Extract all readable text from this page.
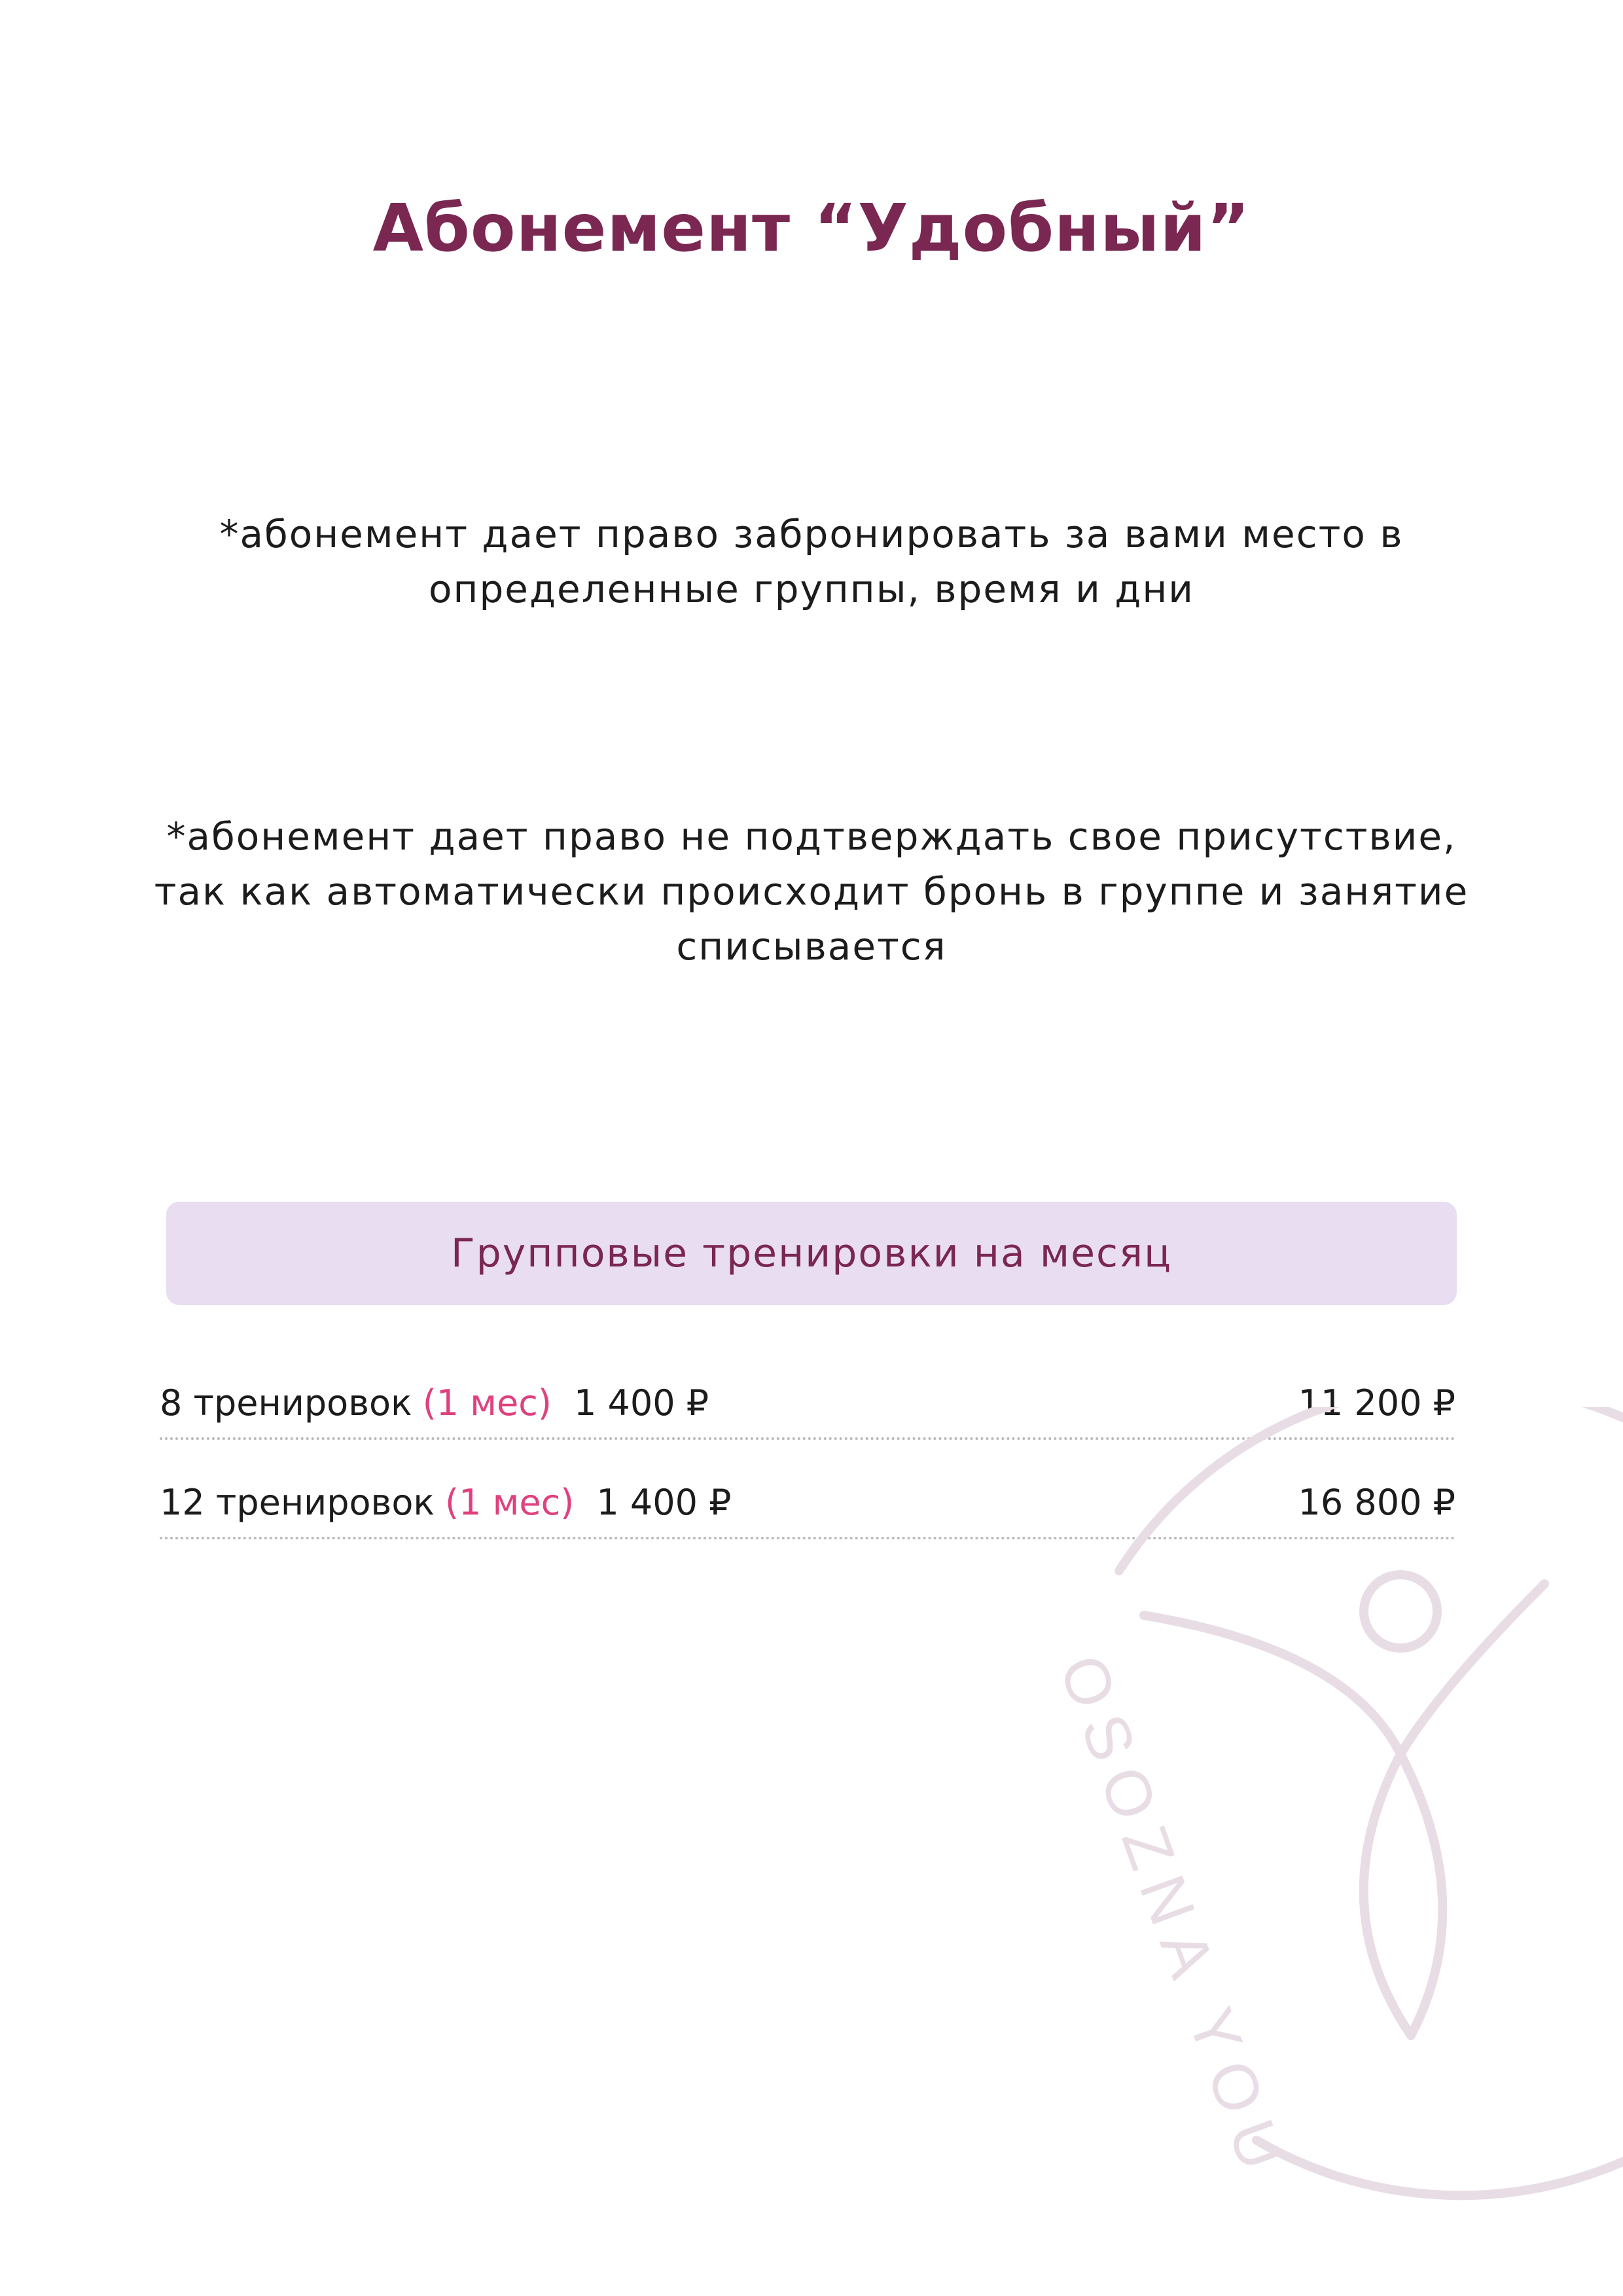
Абонемент “Удобный”

*абонемент дает право забронировать за вами место в определенные группы, время и дни

*абонемент дает право не подтверждать свое присутствие, так как автоматически происходит бронь в группе и занятие списывается

Групповые тренировки на месяц
8 тренировок (1 мес) 1 400 ₽	11 200 ₽
12 тренировок (1 мес) 1 400 ₽	16 800 ₽
OSOZNA YOU
